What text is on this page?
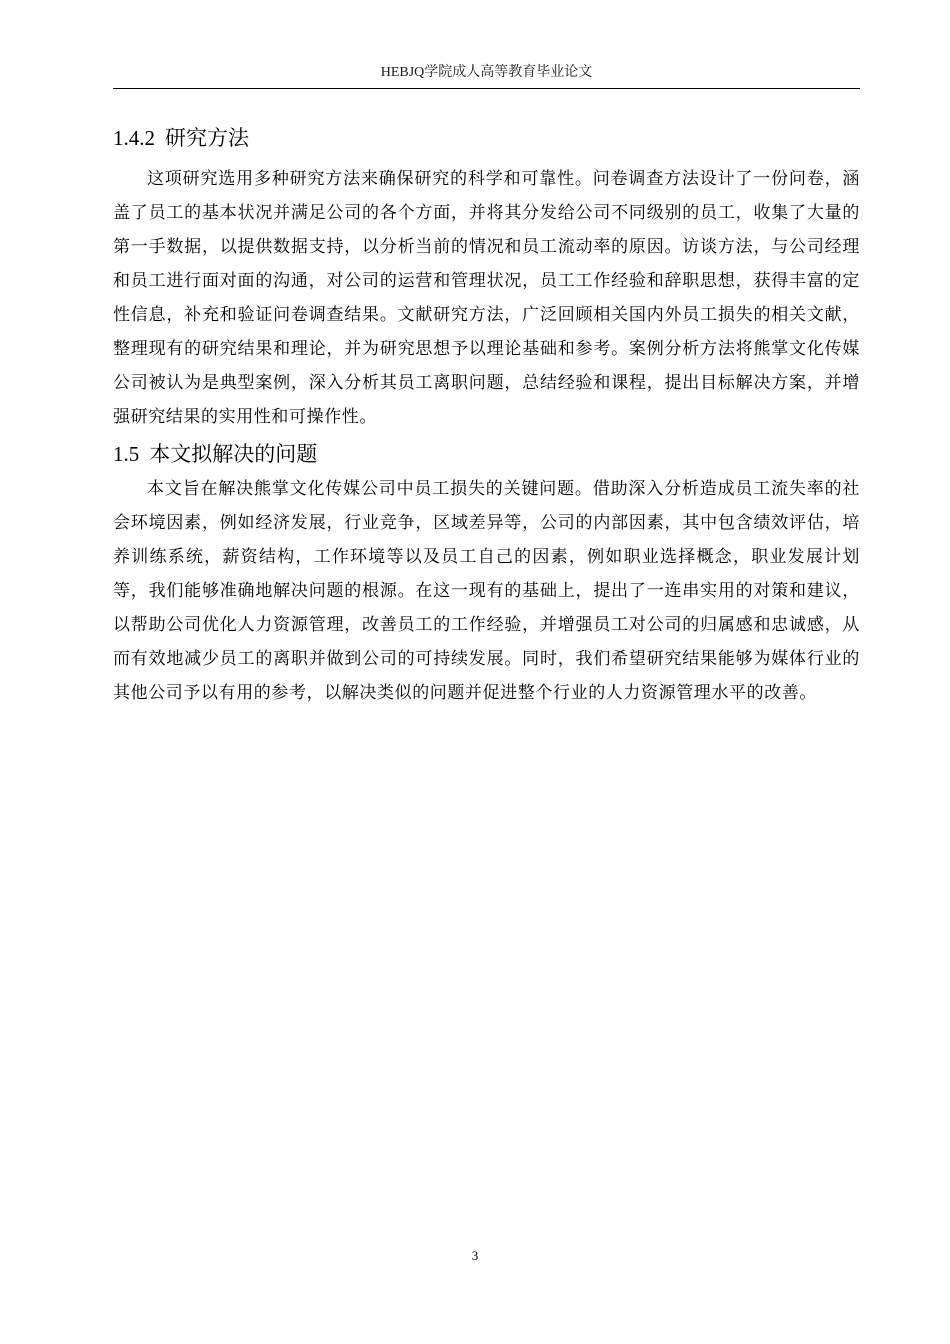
HEBJQ学院成人高等教育毕业论文
1.4.2 研究方法

这项研究选用多种研究方法来确保研究的科学和可靠性。问卷调查方法设计了一份问卷，涵盖了员工的基本状况并满足公司的各个方面，并将其分发给公司不同级别的员工，收集了大量的第一手数据，以提供数据支持，以分析当前的情况和员工流动率的原因。访谈方法，与公司经理和员工进行面对面的沟通，对公司的运营和管理状况，员工工作经验和辞职思想，获得丰富的定性信息，补充和验证问卷调查结果。文献研究方法，广泛回顾相关国内外员工损失的相关文献，整理现有的研究结果和理论，并为研究思想予以理论基础和参考。案例分析方法将熊掌文化传媒公司被认为是典型案例，深入分析其员工离职问题，总结经验和课程，提出目标解决方案，并增强研究结果的实用性和可操作性。

1.5 本文拟解决的问题

本文旨在解决熊掌文化传媒公司中员工损失的关键问题。借助深入分析造成员工流失率的社会环境因素，例如经济发展，行业竞争，区域差异等，公司的内部因素，其中包含绩效评估，培养训练系统，薪资结构，工作环境等以及员工自己的因素，例如职业选择概念，职业发展计划等，我们能够准确地解决问题的根源。在这一现有的基础上，提出了一连串实用的对策和建议，以帮助公司优化人力资源管理，改善员工的工作经验，并增强员工对公司的归属感和忠诚感，从而有效地减少员工的离职并做到公司的可持续发展。同时，我们希望研究结果能够为媒体行业的其他公司予以有用的参考，以解决类似的问题并促进整个行业的人力资源管理水平的改善。

3
